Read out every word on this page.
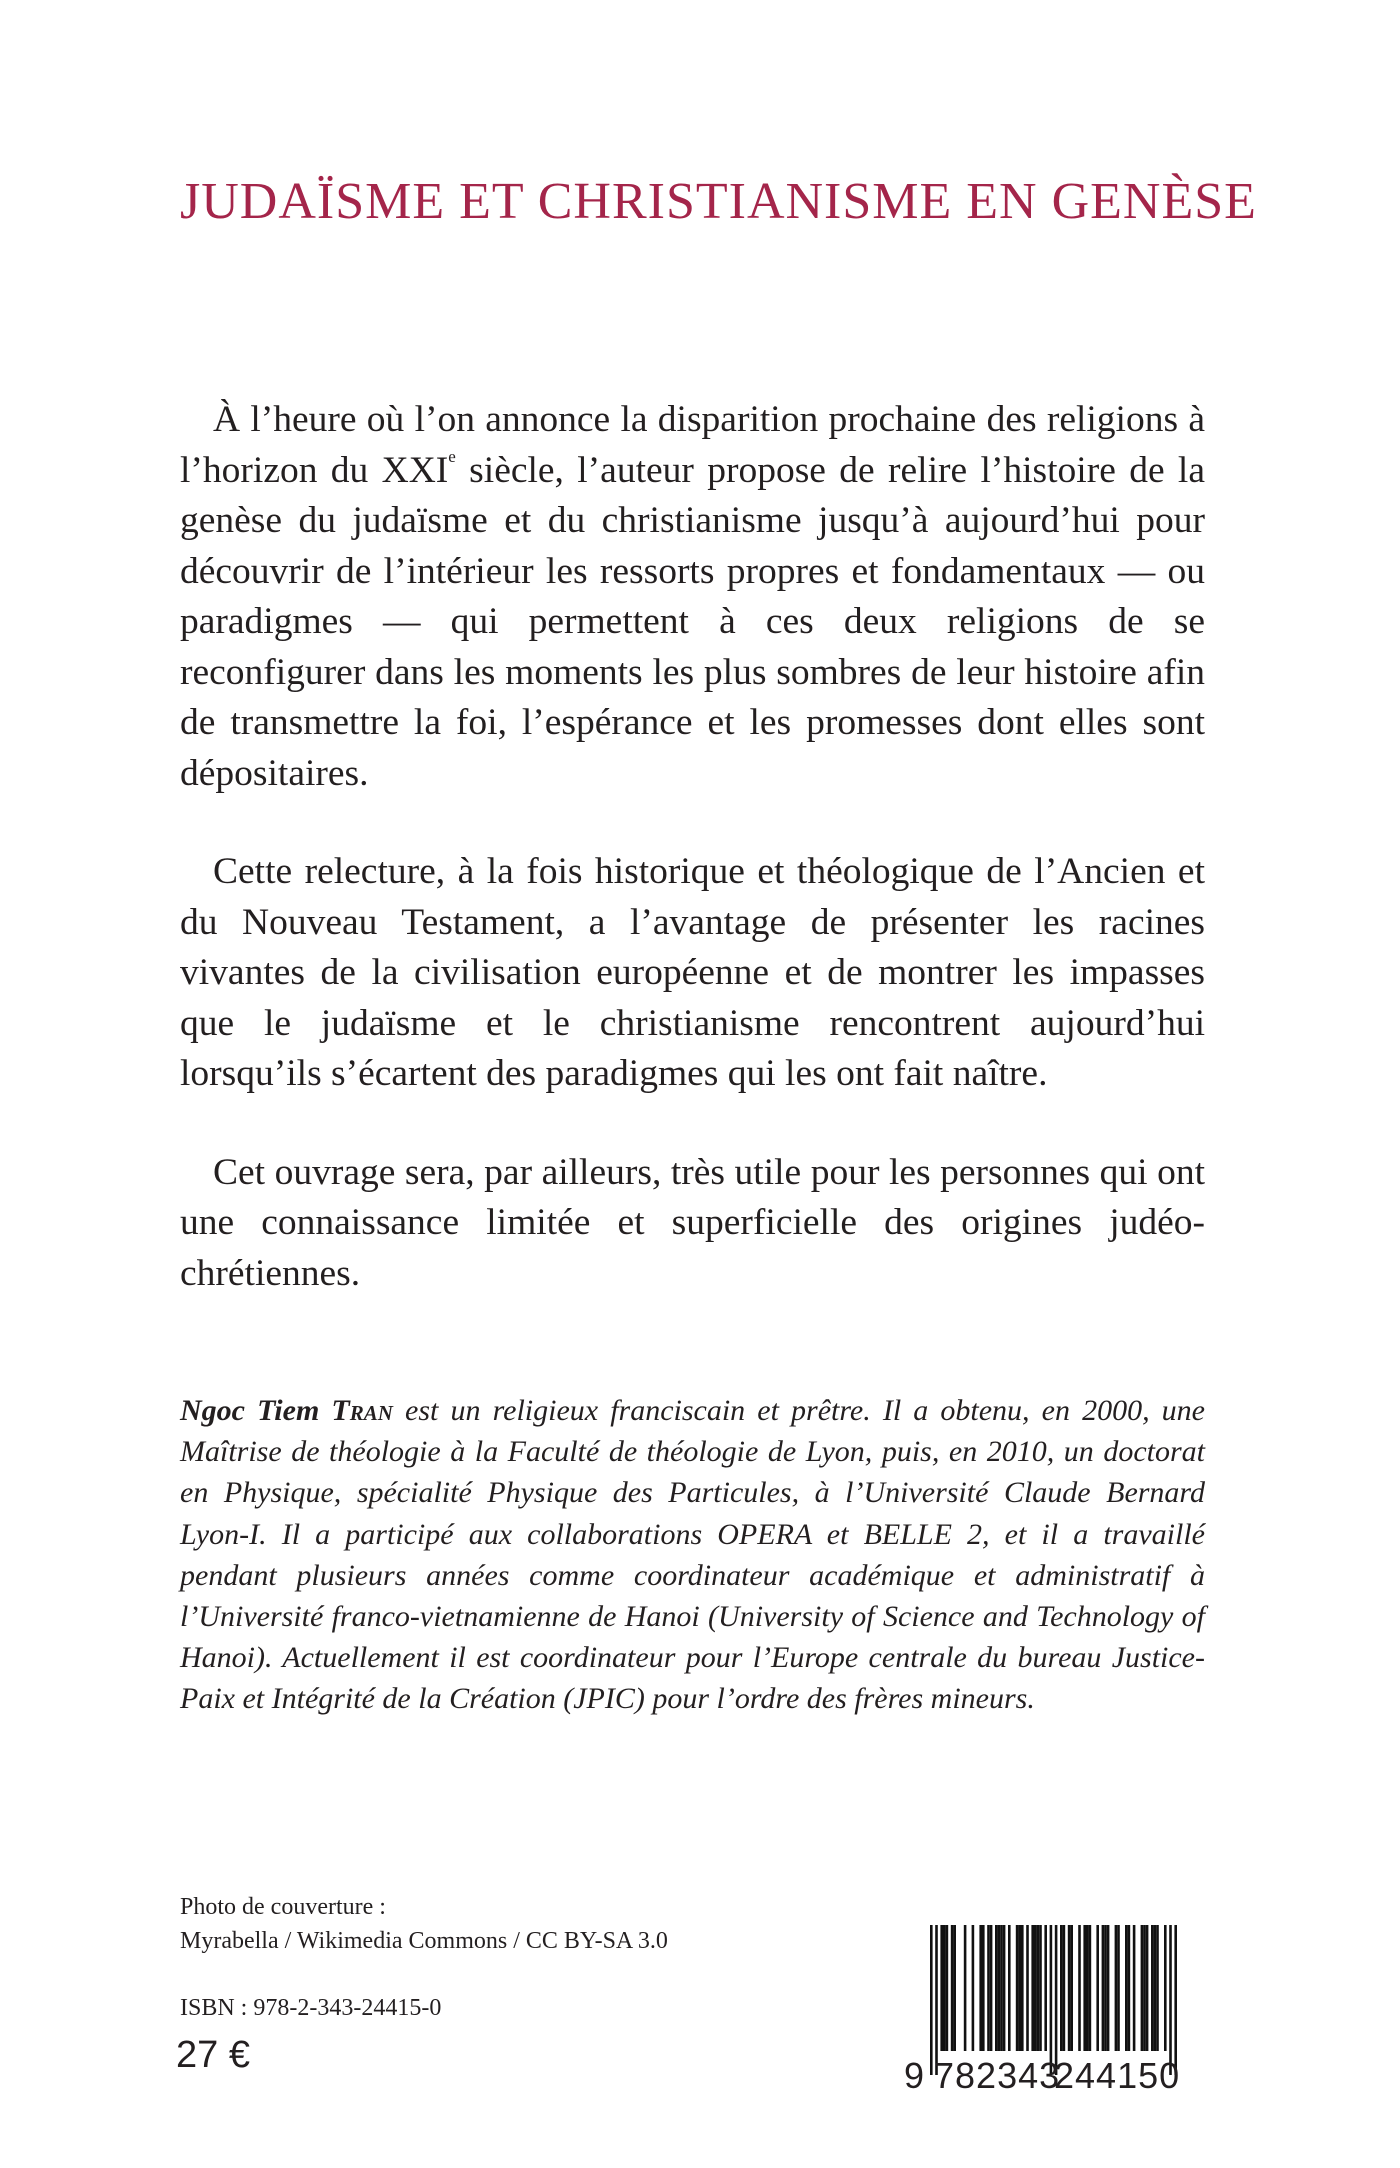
JUDAÏSME ET CHRISTIANISME EN GENÈSE

À l’heure où l’on annonce la disparition prochaine des religions à l’horizon du XXIe siècle, l’auteur propose de relire l’histoire de la genèse du judaïsme et du christianisme jusqu’à aujourd’hui pour découvrir de l’intérieur les ressorts propres et fondamentaux — ou paradigmes — qui permettent à ces deux religions de se reconfigurer dans les moments les plus sombres de leur histoire afin de transmettre la foi, l’espérance et les promesses dont elles sont dépositaires.

Cette relecture, à la fois historique et théologique de l’Ancien et du Nouveau Testament, a l’avantage de présenter les racines vivantes de la civilisation européenne et de montrer les impasses que le judaïsme et le christianisme rencontrent aujourd’hui lorsqu’ils s’écartent des paradigmes qui les ont fait naître.

Cet ouvrage sera, par ailleurs, très utile pour les personnes qui ont une connaissance limitée et superficielle des origines judéo-chrétiennes.

Ngoc Tiem Tran est un religieux franciscain et prêtre. Il a obtenu, en 2000, une Maîtrise de théologie à la Faculté de théologie de Lyon, puis, en 2010, un doctorat en Physique, spécialité Physique des Particules, à l’Université Claude Bernard Lyon-I. Il a participé aux collaborations OPERA et BELLE 2, et il a travaillé pendant plusieurs années comme coordinateur académique et administratif à l’Université franco-vietnamienne de Hanoi (University of Science and Technology of Hanoi). Actuellement il est coordinateur pour l’Europe centrale du bureau Justice-Paix et Intégrité de la Création (JPIC) pour l’ordre des frères mineurs.

Photo de couverture :
Myrabella / Wikimedia Commons / CC BY-SA 3.0
ISBN : 978-2-343-24415-0
27 €	9 782343
244150
